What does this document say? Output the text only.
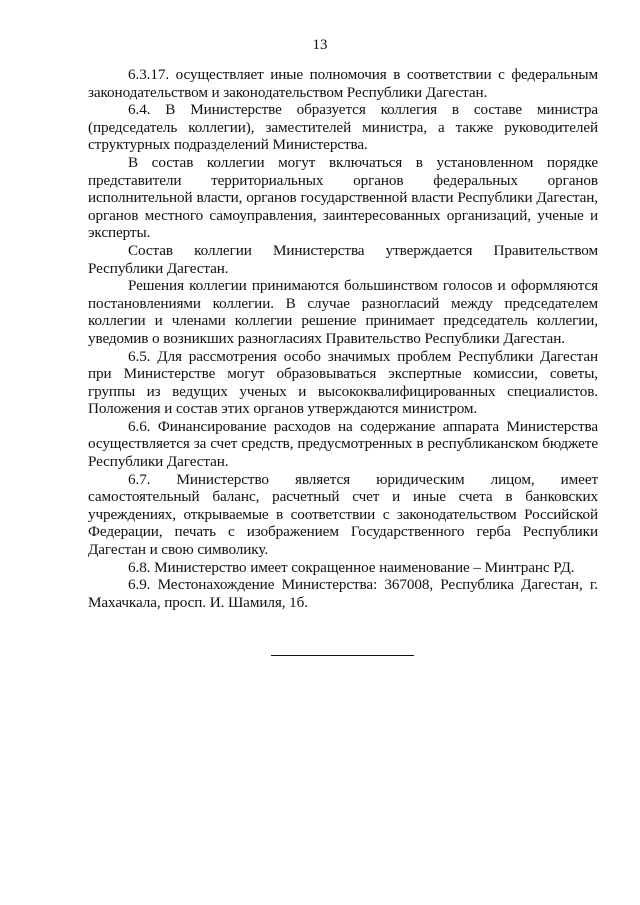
13

6.3.17. осуществляет иные полномочия в соответствии с федеральным законодательством и законодательством Республики Дагестан.

6.4. В Министерстве образуется коллегия в составе министра (председатель коллегии), заместителей министра, а также руководителей структурных подразделений Министерства.

В состав коллегии могут включаться в установленном порядке представители территориальных органов федеральных органов исполнительной власти, органов государственной власти Республики Дагестан, органов местного самоуправления, заинтересованных организаций, ученые и эксперты.

Состав коллегии Министерства утверждается Правительством Республики Дагестан.

Решения коллегии принимаются большинством голосов и оформляются постановлениями коллегии. В случае разногласий между председателем коллегии и членами коллегии решение принимает председатель коллегии, уведомив о возникших разногласиях Правительство Республики Дагестан.

6.5. Для рассмотрения особо значимых проблем Республики Дагестан при Министерстве могут образовываться экспертные комиссии, советы, группы из ведущих ученых и высококвалифицированных специалистов. Положения и состав этих органов утверждаются министром.

6.6. Финансирование расходов на содержание аппарата Министерства осуществляется за счет средств, предусмотренных в республиканском бюджете Республики Дагестан.

6.7. Министерство является юридическим лицом, имеет самостоятельный баланс, расчетный счет и иные счета в банковских учреждениях, открываемые в соответствии с законодательством Российской Федерации, печать с изображением Государственного герба Республики Дагестан и свою символику.

6.8. Министерство имеет сокращенное наименование – Минтранс РД.

6.9. Местонахождение Министерства: 367008, Республика Дагестан, г. Махачкала, просп. И. Шамиля, 1б.
